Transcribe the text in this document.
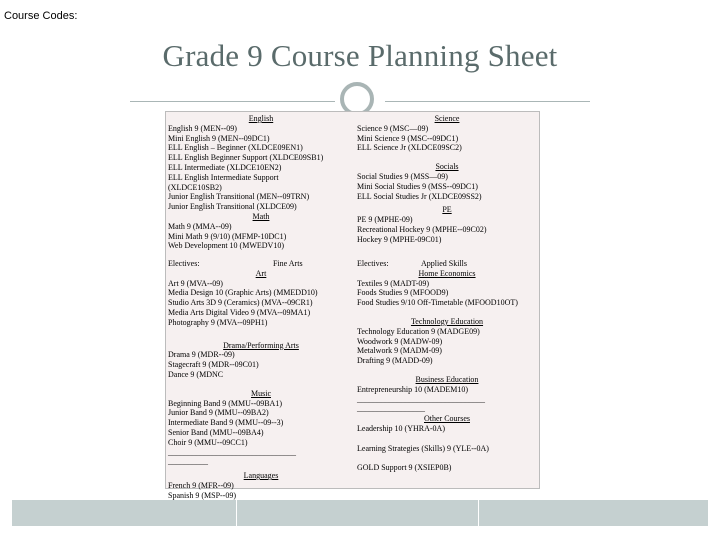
Course Codes:
Grade 9 Course Planning Sheet
English
English 9 (MEN--09)
Mini English 9 (MEN--09DC1)
ELL English – Beginner (XLDCE09EN1)
ELL English Beginner Support (XLDCE09SB1)
ELL Intermediate (XLDCE10EN2)
ELL English Intermediate Support
(XLDCE10SB2)
Junior English Transitional (MEN--09TRN)
Junior English Transitional (XLDCE09)
Math
Math 9 (MMA--09)
Mini Math 9 (9/10) (MFMP-10DC1)
Web Development 10 (MWEDV10)
Science
Science 9 (MSC—09)
Mini Science 9 (MSC--09DC1)
ELL Science Jr (XLDCE09SC2)
Socials
Social Studies 9 (MSS—09)
Mini Social Studies 9 (MSS--09DC1)
ELL Social Studies Jr (XLDCE09SS2)
PE
PE 9 (MPHE-09)
Recreational Hockey 9 (MPHE--09C02)
Hockey 9 (MPHE-09C01)
Electives:	Fine Arts
Art
Art 9 (MVA--09)
Media Design 10 (Graphic Arts) (MMEDD10)
Studio Arts 3D 9 (Ceramics) (MVA--09CR1)
Media Arts Digital Video 9 (MVA--09MA1)
Photography 9 (MVA--09PH1)
Drama/Performing Arts
Drama 9 (MDR--09)
Stagecraft 9 (MDR--09C01)
Dance 9 (MDNC
Music
Beginning Band 9 (MMU--09BA1)
Junior Band 9 (MMU--09BA2)
Intermediate Band 9 (MMU--09--3)
Senior Band (MMU--09BA4)
Choir 9 (MMU--09CC1)
________________________________
__________
Languages
French 9 (MFR--09)
Spanish 9 (MSP--09)
Electives:	Applied Skills
Home Economics
Textiles 9 (MADT-09)
Foods Studies 9 (MFOOD9)
Food Studies 9/10 Off-Timetable (MFOOD10OT)
Technology Education
Technology Education 9 (MADGE09)
Woodwork 9 (MADW-09)
Metalwork 9 (MADM-09)
Drafting 9 (MADD-09)
Business Education
Entrepreneurship 10 (MADEM10)
________________________________
_________________
Other Courses
Leadership 10 (YHRA-0A)

Learning Strategies (Skills) 9 (YLE--0A)

GOLD Support 9 (XSIEP0B)
